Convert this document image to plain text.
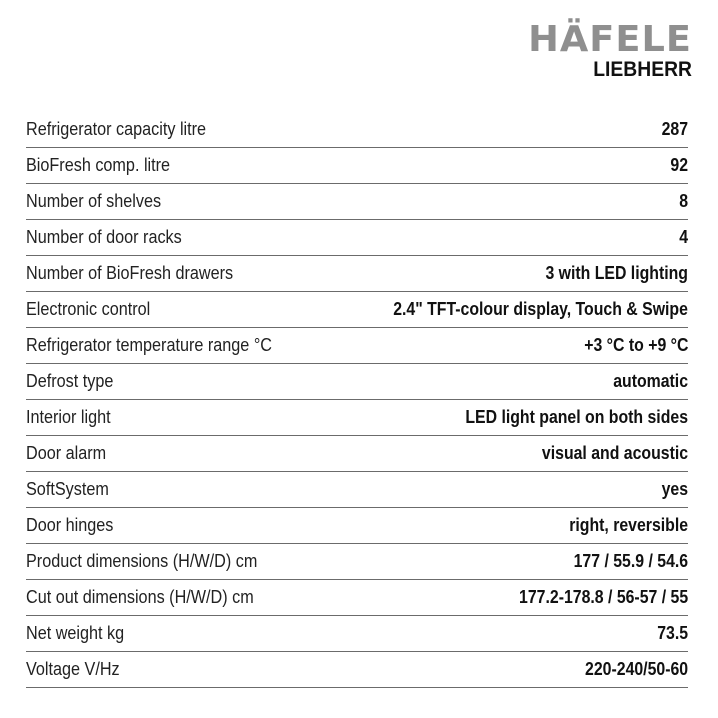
HÄFELE
LIEBHERR
Refrigerator capacity litre	287
BioFresh comp. litre	92
Number of shelves	8
Number of door racks	4
Number of BioFresh drawers	3 with LED lighting
Electronic control	2.4" TFT-colour display, Touch & Swipe
Refrigerator temperature range °C	+3 °C to +9 °C
Defrost type	automatic
Interior light	LED light panel on both sides
Door alarm	visual and acoustic
SoftSystem	yes
Door hinges	right, reversible
Product dimensions (H/W/D) cm	177 / 55.9 / 54.6
Cut out dimensions (H/W/D) cm	177.2-178.8 / 56-57 / 55
Net weight kg	73.5
Voltage V/Hz	220-240/50-60
